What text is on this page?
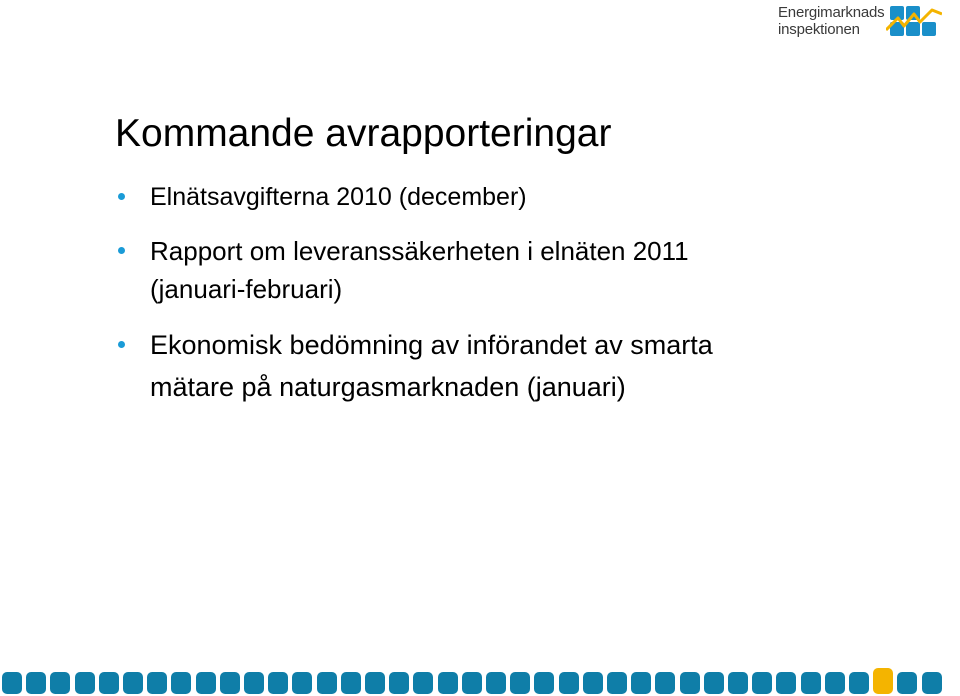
Energimarknads
inspektionen
Kommande avrapporteringar
Elnätsavgifterna 2010 (december)
Rapport om leveranssäkerheten i elnäten 2011
(januari-februari)
Ekonomisk bedömning av införandet av smarta
mätare på naturgasmarknaden (januari)
